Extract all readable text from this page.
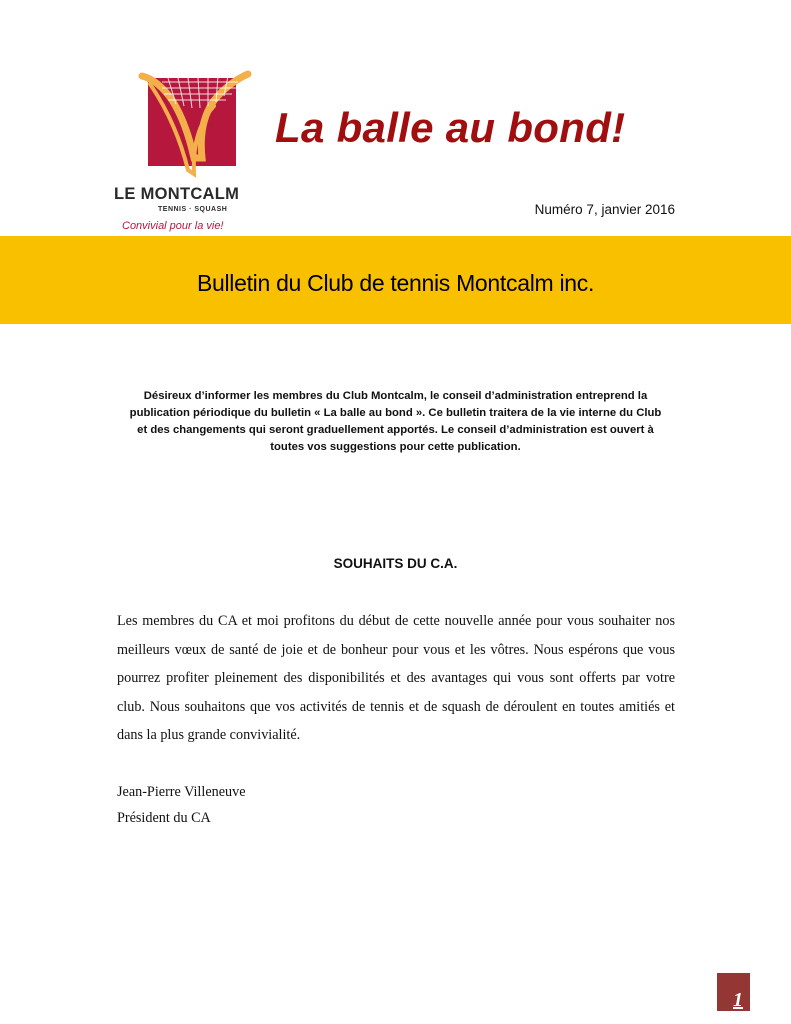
LE MONTCALM
TENNIS · SQUASH
Convivial pour la vie!
La balle au bond!
Numéro 7, janvier 2016
Bulletin du Club de tennis Montcalm inc.
Désireux d’informer les membres du Club Montcalm, le conseil d’administration entreprend la
publication périodique du bulletin « La balle au bond ». Ce bulletin traitera de la vie interne du Club
et des changements qui seront graduellement apportés. Le conseil d’administration est ouvert à
toutes vos suggestions pour cette publication.
SOUHAITS DU C.A.
Les membres du CA et moi profitons du début de cette nouvelle année pour vous souhaiter nos meilleurs vœux de santé de joie et de bonheur pour vous et les vôtres. Nous espérons que vous pourrez profiter pleinement des disponibilités et des avantages qui vous sont offerts par votre club. Nous souhaitons que vos activités de tennis et de squash de déroulent en toutes amitiés et dans la plus grande convivialité.
Jean-Pierre Villeneuve
Président du CA
1
